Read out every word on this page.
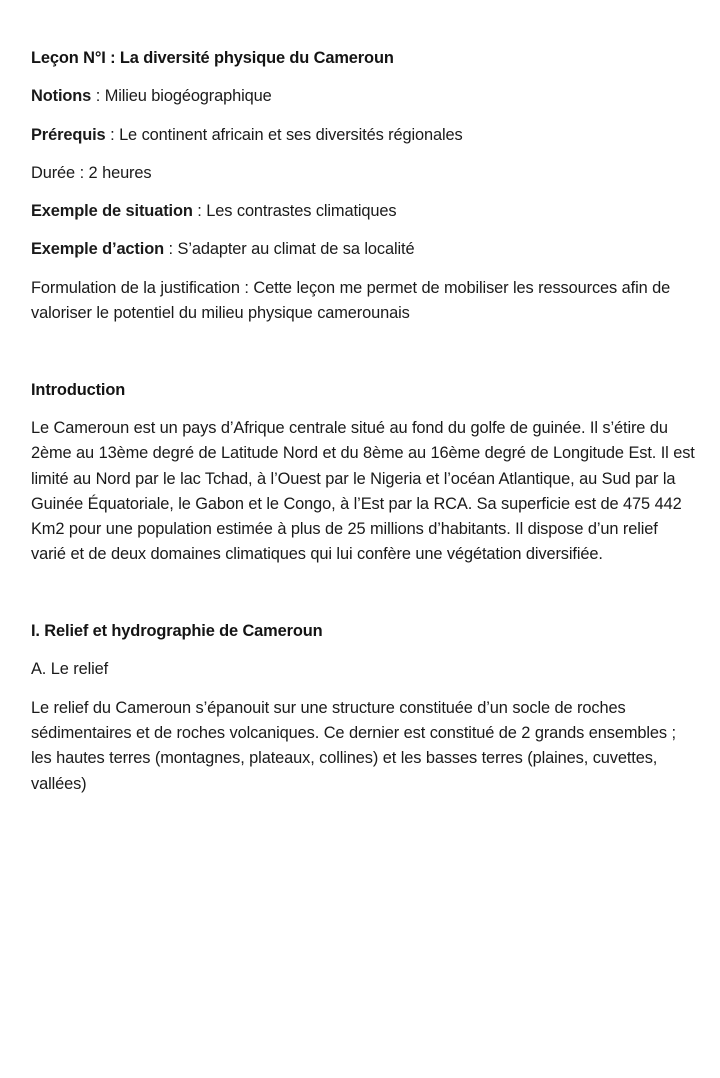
Leçon N°I : La diversité physique du Cameroun

Notions : Milieu biogéographique

Prérequis : Le continent africain et ses diversités régionales

Durée : 2 heures

Exemple de situation : Les contrastes climatiques

Exemple d’action : S’adapter au climat de sa localité

Formulation de la justification : Cette leçon me permet de mobiliser les ressources afin de valoriser le potentiel du milieu physique camerounais

Introduction

Le Cameroun est un pays d’Afrique centrale situé au fond du golfe de guinée. Il s’étire du 2ème au 13ème degré de Latitude Nord et du 8ème au 16ème degré de Longitude Est. Il est limité au Nord par le lac Tchad, à l’Ouest par le Nigeria et l’océan Atlantique, au Sud par la Guinée Équatoriale, le Gabon et le Congo, à l’Est par la RCA. Sa superficie est de 475 442 Km2 pour une population estimée à plus de 25 millions d’habitants. Il dispose d’un relief varié et de deux domaines climatiques qui lui confère une végétation diversifiée.

I. Relief et hydrographie de Cameroun

A. Le relief

Le relief du Cameroun s’épanouit sur une structure constituée d’un socle de roches sédimentaires et de roches volcaniques. Ce dernier est constitué de 2 grands ensembles ; les hautes terres (montagnes, plateaux, collines) et les basses terres (plaines, cuvettes, vallées)
